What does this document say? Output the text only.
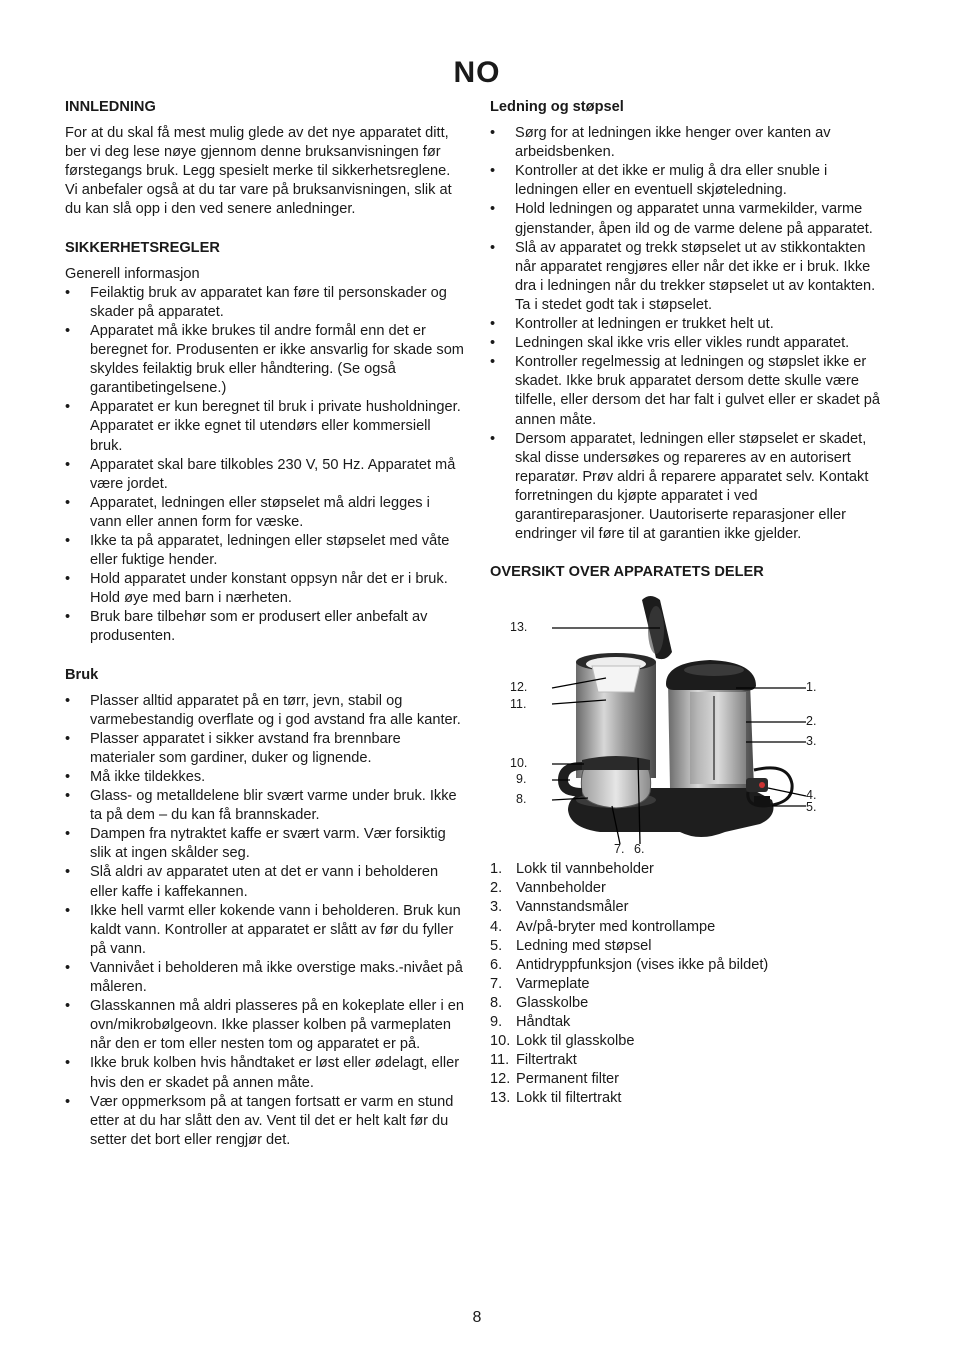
NO
INNLEDNING

For at du skal få mest mulig glede av det nye apparatet ditt, ber vi deg lese nøye gjennom denne bruksanvisningen før førstegangs bruk. Legg spesielt merke til sikkerhetsreglene. Vi anbefaler også at du tar vare på bruksanvisningen, slik at du kan slå opp i den ved senere anledninger.

SIKKERHETSREGLER

Generell informasjon

• Feilaktig bruk av apparatet kan føre til personskader og skader på apparatet.
• Apparatet må ikke brukes til andre formål enn det er beregnet for. Produsenten er ikke ansvarlig for skade som skyldes feilaktig bruk eller håndtering. (Se også garantibetingelsene.)
• Apparatet er kun beregnet til bruk i private husholdninger. Apparatet er ikke egnet til utendørs eller kommersiell bruk.
• Apparatet skal bare tilkobles 230 V, 50 Hz. Apparatet må være jordet.
• Apparatet, ledningen eller støpselet må aldri legges i vann eller annen form for væske.
• Ikke ta på apparatet, ledningen eller støpselet med våte eller fuktige hender.
• Hold apparatet under konstant oppsyn når det er i bruk. Hold øye med barn i nærheten.
• Bruk bare tilbehør som er produsert eller anbefalt av produsenten.
Bruk
• Plasser alltid apparatet på en tørr, jevn, stabil og varmebestandig overflate og i god avstand fra alle kanter.
• Plasser apparatet i sikker avstand fra brennbare materialer som gardiner, duker og lignende.
• Må ikke tildekkes.
• Glass- og metalldelene blir svært varme under bruk. Ikke ta på dem – du kan få brannskader.
• Dampen fra nytraktet kaffe er svært varm. Vær forsiktig slik at ingen skålder seg.
• Slå aldri av apparatet uten at det er vann i beholderen eller kaffe i kaffekannen.
• Ikke hell varmt eller kokende vann i beholderen. Bruk kun kaldt vann. Kontroller at apparatet er slått av før du fyller på vann.
• Vannivået i beholderen må ikke overstige maks.-nivået på måleren.
• Glasskannen må aldri plasseres på en kokeplate eller i en ovn/mikrobølgeovn. Ikke plasser kolben på varmeplaten når den er tom eller nesten tom og apparatet er på.
• Ikke bruk kolben hvis håndtaket er løst eller ødelagt, eller hvis den er skadet på annen måte.
• Vær oppmerksom på at tangen fortsatt er varm en stund etter at du har slått den av. Vent til det er helt kalt før du setter det bort eller rengjør det.
Ledning og støpsel
• Sørg for at ledningen ikke henger over kanten av arbeidsbenken.
• Kontroller at det ikke er mulig å dra eller snuble i ledningen eller en eventuell skjøteledning.
• Hold ledningen og apparatet unna varmekilder, varme gjenstander, åpen ild og de varme delene på apparatet.
• Slå av apparatet og trekk støpselet ut av stikkontakten når apparatet rengjøres eller når det ikke er i bruk. Ikke dra i ledningen når du trekker støpselet ut av kontakten. Ta i stedet godt tak i støpselet.
• Kontroller at ledningen er trukket helt ut.
• Ledningen skal ikke vris eller vikles rundt apparatet.
• Kontroller regelmessig at ledningen og støpslet ikke er skadet. Ikke bruk apparatet dersom dette skulle være tilfelle, eller dersom det har falt i gulvet eller er skadet på annen måte.
• Dersom apparatet, ledningen eller støpselet er skadet, skal disse undersøkes og repareres av en autorisert reparatør. Prøv aldri å reparere apparatet selv. Kontakt forretningen du kjøpte apparatet i ved garantireparasjoner. Uautoriserte reparasjoner eller endringer vil føre til at garantien ikke gjelder.
OVERSIKT OVER APPARATETS DELER
13.
12.
11.
10.
9.
8.
1.
2.
3.
4.
5.
7. 6.
1. Lokk til vannbeholder
2. Vannbeholder
3. Vannstandsmåler
4. Av/på-bryter med kontrollampe
5. Ledning med støpsel
6. Antidryppfunksjon (vises ikke på bildet)
7. Varmeplate
8. Glasskolbe
9. Håndtak
10. Lokk til glasskolbe
11. Filtertrakt
12. Permanent filter
13. Lokk til filtertrakt
8
